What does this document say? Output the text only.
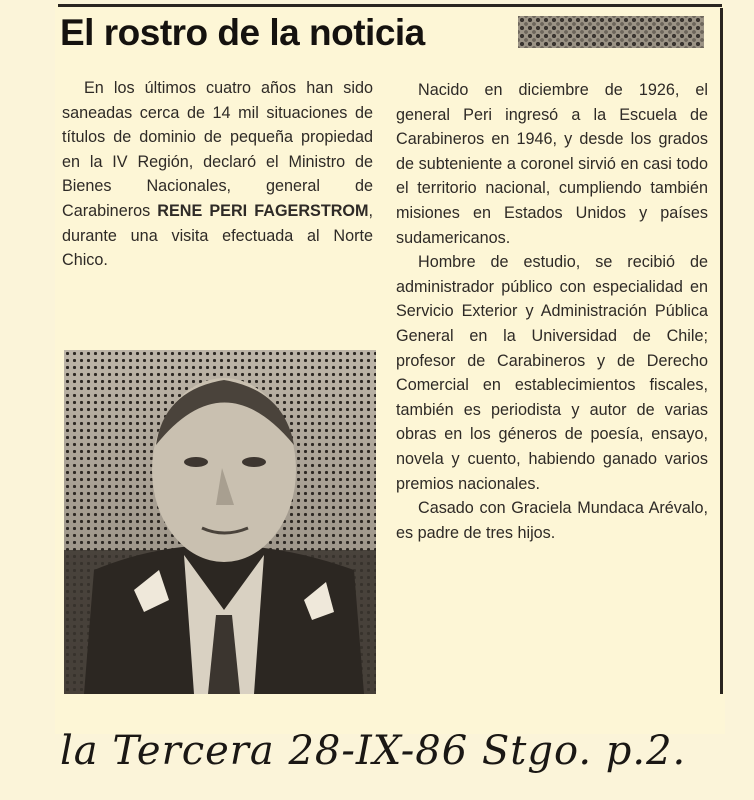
El rostro de la noticia

En los últimos cuatro años han sido saneadas cerca de 14 mil situaciones de títulos de dominio de pequeña propiedad en la IV Región, declaró el Ministro de Bienes Nacionales, general de Carabineros RENE PERI FAGERSTROM, durante una visita efectuada al Norte Chico.

Nacido en diciembre de 1926, el general Peri ingresó a la Escuela de Carabineros en 1946, y desde los grados de subteniente a coronel sirvió en casi todo el territorio nacional, cumpliendo también misiones en Estados Unidos y países sudamericanos.

Hombre de estudio, se recibió de administrador público con especialidad en Servicio Exterior y Administración Pública General en la Universidad de Chile; profesor de Carabineros y de Derecho Comercial en establecimientos fiscales, también es periodista y autor de varias obras en los géneros de poesía, ensayo, novela y cuento, habiendo ganado varios premios nacionales.

Casado con Graciela Mundaca Arévalo, es padre de tres hijos.

la Tercera 28-IX-86 Stgo. p.2.
